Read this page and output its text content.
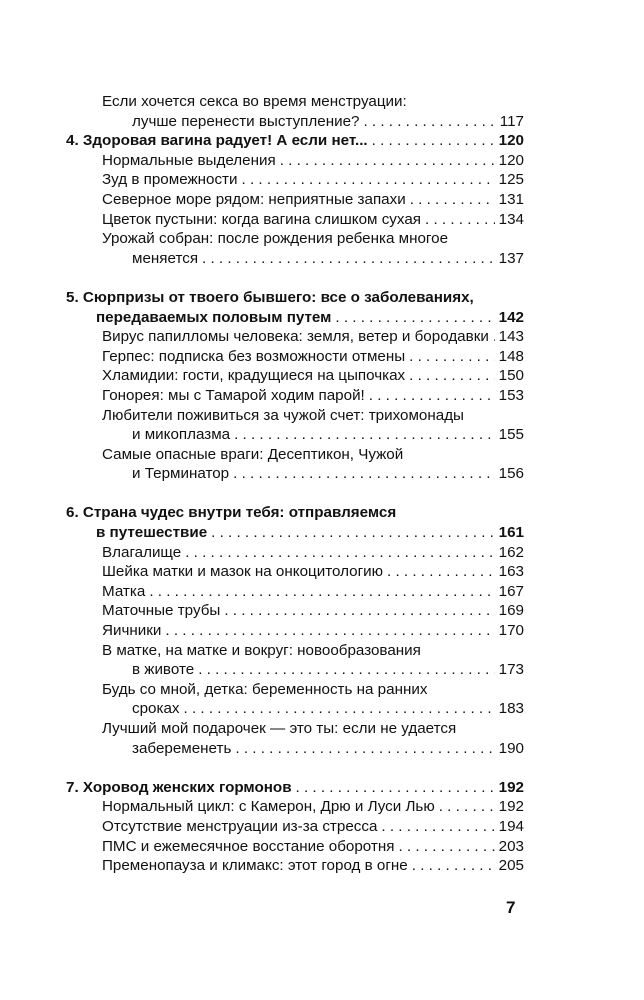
Если хочется секса во время менструации:
лучше перенести выступление? . . .	117
4. Здоровая вагина радует! А если нет... . . .	120
Нормальные выделения . . .	120
Зуд в промежности . . .	125
Северное море рядом: неприятные запахи . . .	131
Цветок пустыни: когда вагина слишком сухая . . .	134
Урожай собран: после рождения ребенка многое
меняется . . .	137
5. Сюрпризы от твоего бывшего: все о заболеваниях,
передаваемых половым путем . . .	142
Вирус папилломы человека: земля, ветер и бородавки . . . 143
Герпес: подписка без возможности отмены . . .	148
Хламидии: гости, крадущиеся на цыпочках . . .	150
Гонорея: мы с Тамарой ходим парой! . . .	153
Любители поживиться за чужой счет: трихомонады
и микоплазма . . .	155
Самые опасные враги: Десептикон, Чужой
и Терминатор . . .	156
6. Страна чудес внутри тебя: отправляемся
в путешествие . . .	161
Влагалище . . .	162
Шейка матки и мазок на онкоцитологию . . .	163
Матка . . .	167
Маточные трубы . . .	169
Яичники . . .	170
В матке, на матке и вокруг: новообразования
в животе . . .	173
Будь со мной, детка: беременность на ранних
сроках . . .	183
Лучший мой подарочек — это ты: если не удается
забеременеть . . .	190
7. Хоровод женских гормонов . . .	192
Нормальный цикл: с Камерон, Дрю и Луси Лью . . .	192
Отсутствие менструации из-за стресса . . .	194
ПМС и ежемесячное восстание оборотня . . .	203
Пременопауза и климакс: этот город в огне . . .	205
7
